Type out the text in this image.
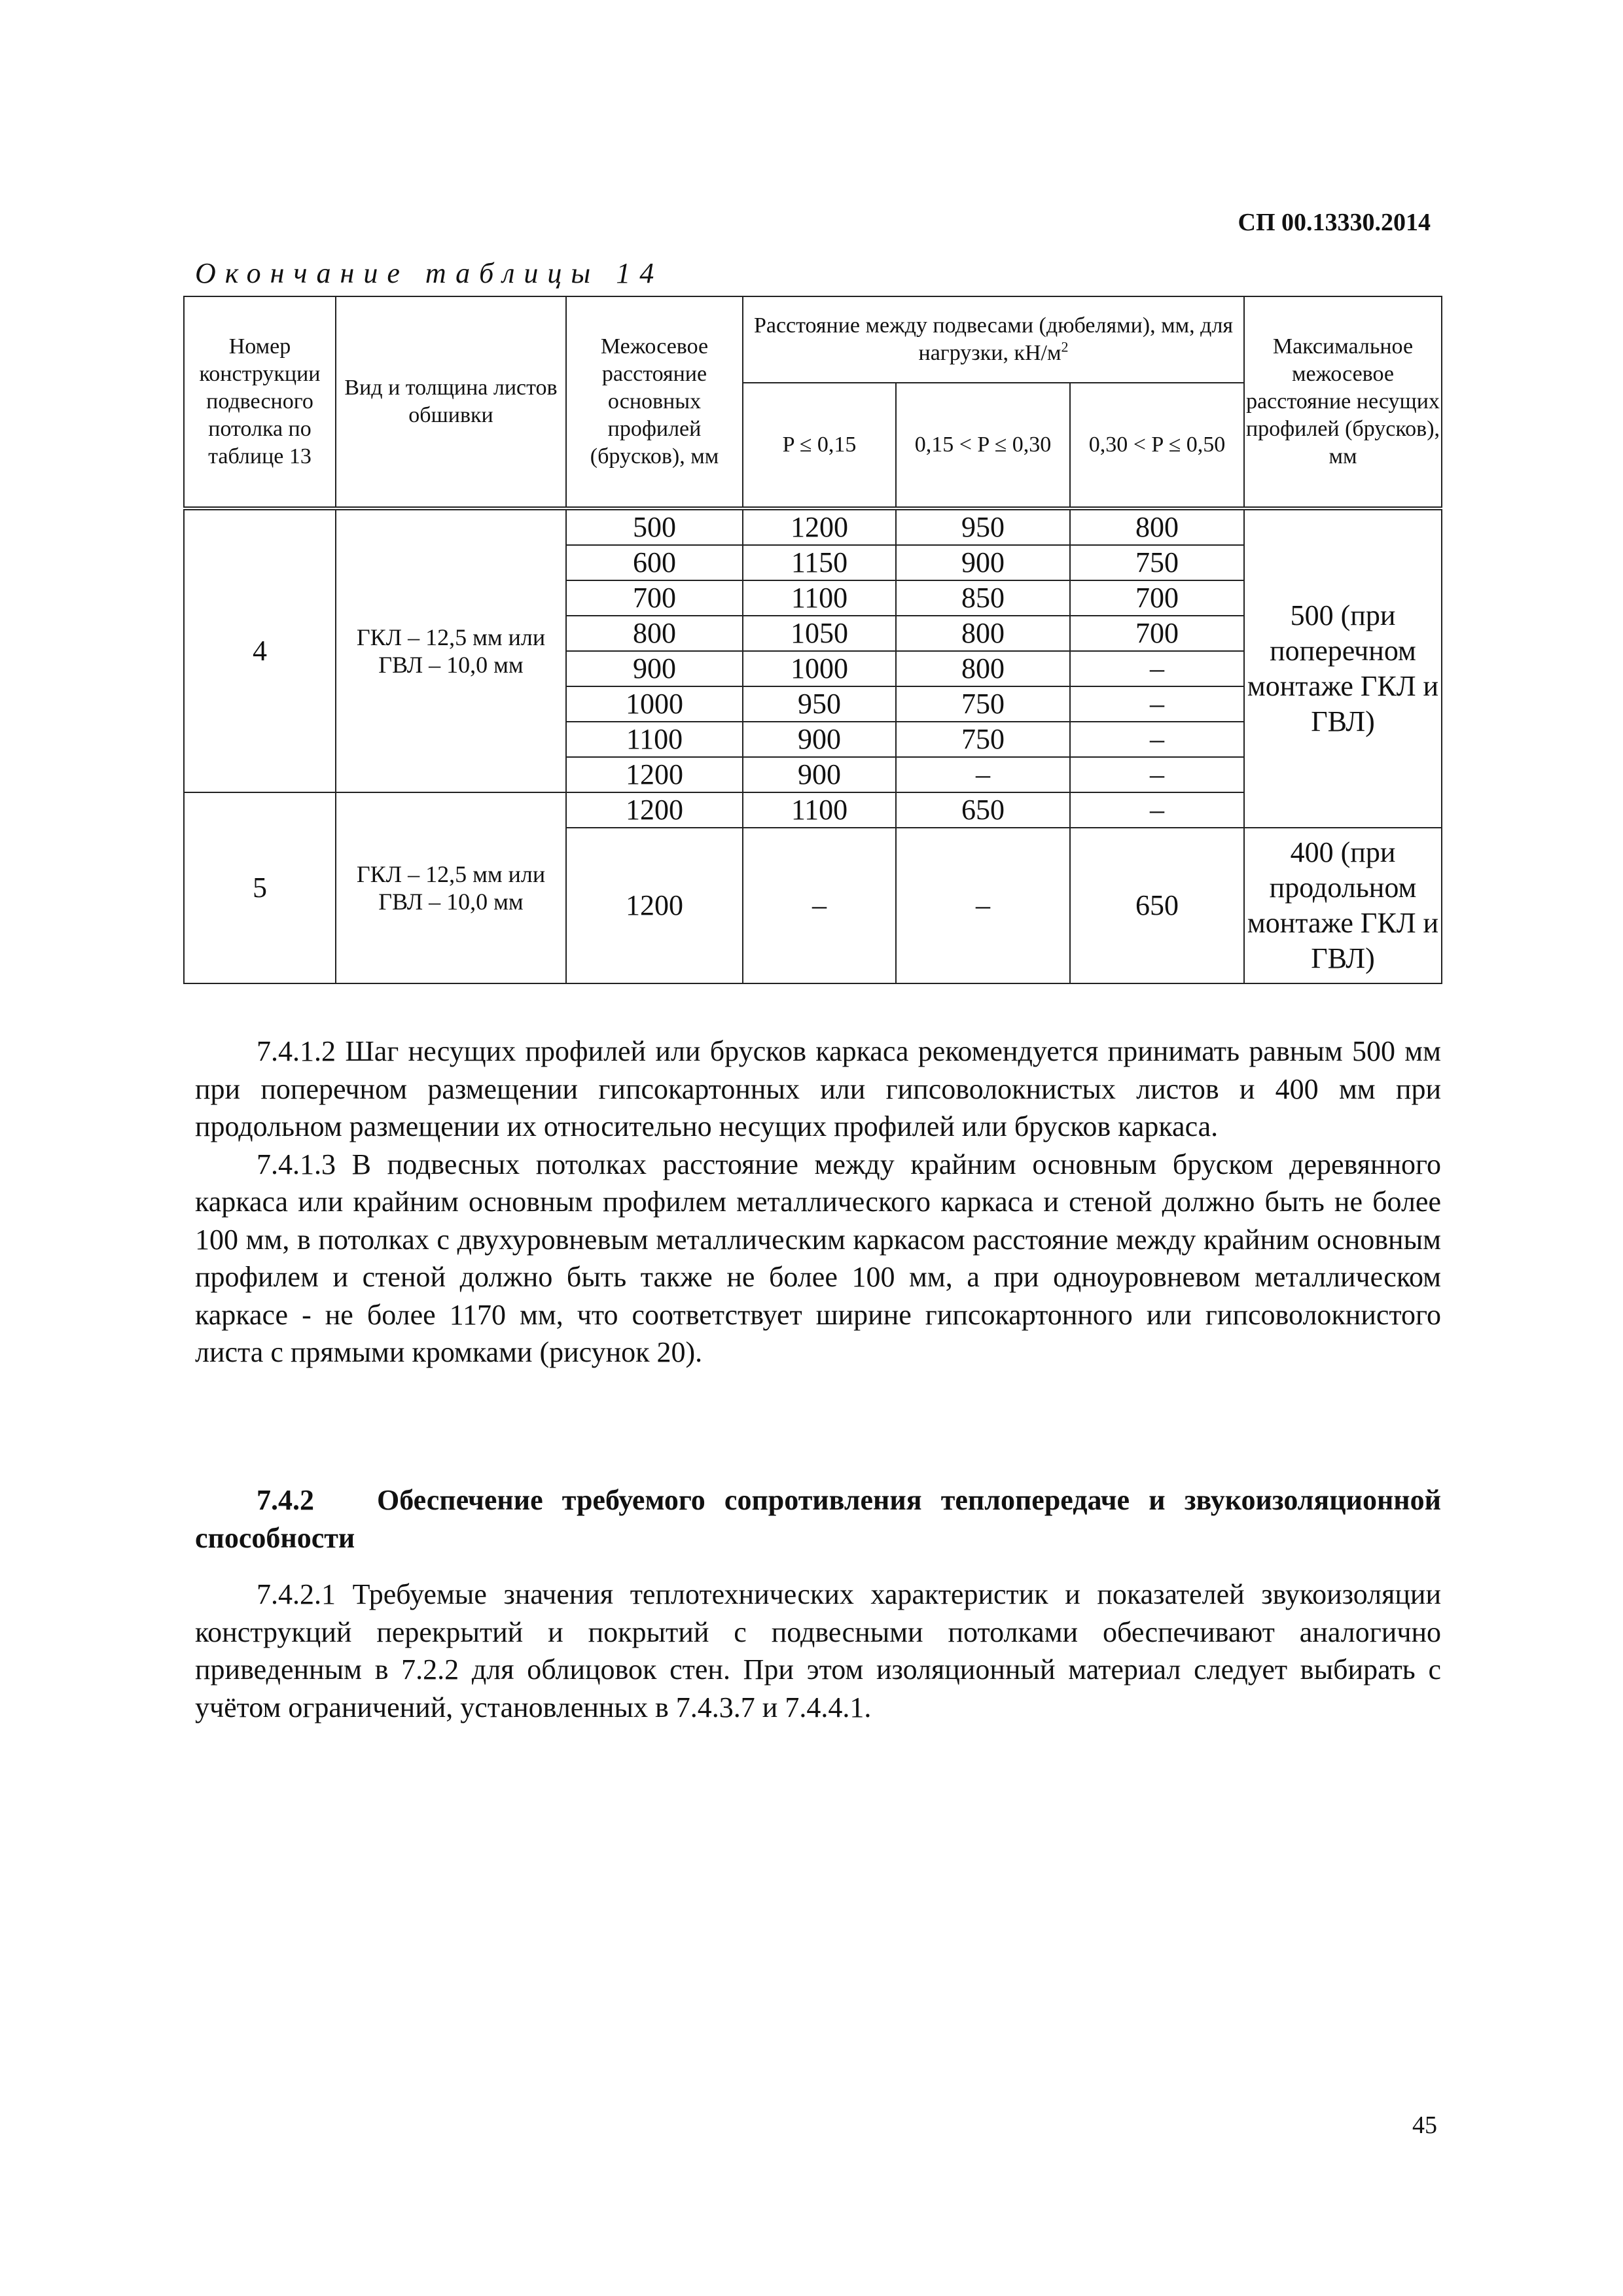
СП 00.13330.2014
Окончание таблицы 14
Номер конструкции подвесного потолка по таблице 13	Вид и толщина листов обшивки	Межосевое расстояние основных профилей (брусков), мм	Расстояние между подвесами (дюбелями), мм, для нагрузки, $кН/м^2$			Максимальное межосевое расстояние несущих профилей (брусков), мм
			P ≤ 0,15	0,15 < P ≤ 0,30	0,30 < P ≤ 0,50	
4	ГКЛ – 12,5 мм или ГВЛ – 10,0 мм	500	1200	950	800	500 (при поперечном монтаже ГКЛ и ГВЛ)
		600	1150	900	750	
		700	1100	850	700	
		800	1050	800	700	
		900	1000	800	–	
		1000	950	750	–	
		1100	900	750	–	
		1200	900	–	–	
5	ГКЛ – 12,5 мм или ГВЛ – 10,0 мм	1200	1100	650	–	
		1200	–	–	650	400 (при продольном монтаже ГКЛ и ГВЛ)

7.4.1.2 Шаг несущих профилей или брусков каркаса рекомендуется принимать равным 500 мм при поперечном размещении гипсокартонных или гипсоволокнистых листов и 400 мм при продольном размещении их относительно несущих профилей или брусков каркаса.

7.4.1.3 В подвесных потолках расстояние между крайним основным бруском деревянного каркаса или крайним основным профилем металлического каркаса и стеной должно быть не более 100 мм, в потолках с двухуровневым металлическим каркасом расстояние между крайним основным профилем и стеной должно быть также не более 100 мм, а при одноуровневом металлическом каркасе - не более 1170 мм, что соответствует ширине гипсокартонного или гипсоволокнистого листа с прямыми кромками (рисунок 20).

7.4.2 Обеспечение требуемого сопротивления теплопередаче и звукоизоляционной способности

7.4.2.1 Требуемые значения теплотехнических характеристик и показателей звукоизоляции конструкций перекрытий и покрытий с подвесными потолками обеспечивают аналогично приведенным в 7.2.2 для облицовок стен. При этом изоляционный материал следует выбирать с учётом ограничений, установленных в 7.4.3.7 и 7.4.4.1.

45
